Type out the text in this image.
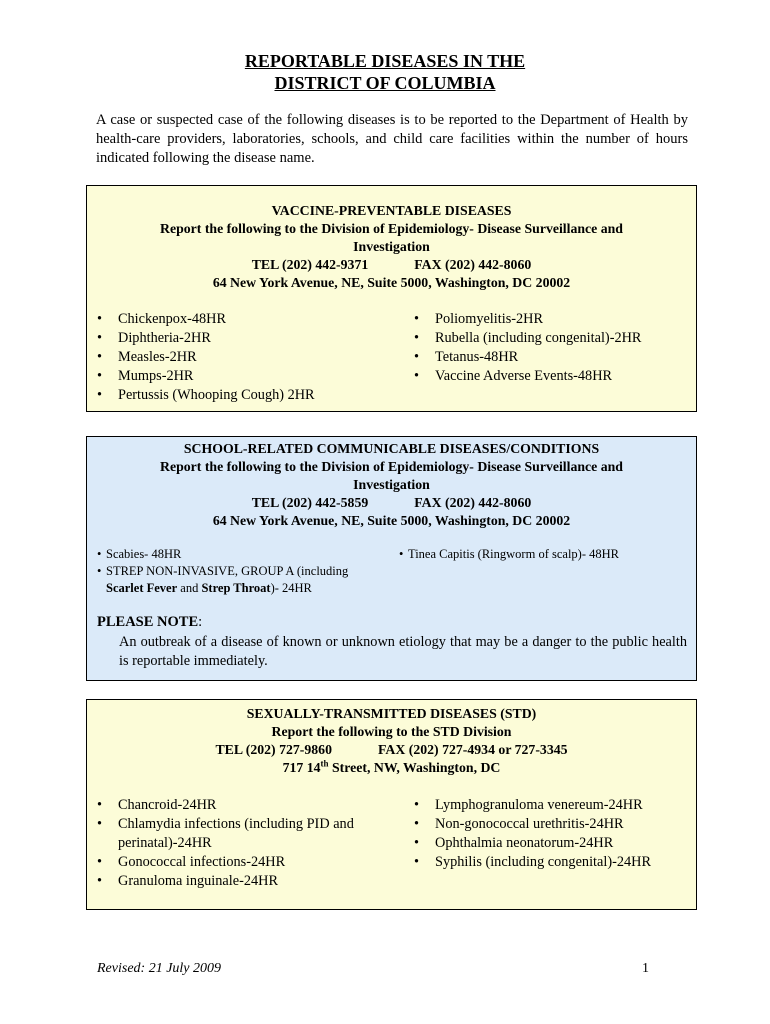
REPORTABLE DISEASES IN THE
DISTRICT OF COLUMBIA
A case or suspected case of the following diseases is to be reported to the Department of Health by health-care providers, laboratories, schools, and child care facilities within the number of hours indicated following the disease name.
VACCINE-PREVENTABLE DISEASES
Report the following to the Division of Epidemiology- Disease Surveillance and
Investigation
TEL (202) 442-9371	FAX (202) 442-8060
64 New York Avenue, NE, Suite 5000, Washington, DC 20002
• Chickenpox-48HR
• Diphtheria-2HR
• Measles-2HR
• Mumps-2HR
• Pertussis (Whooping Cough) 2HR
• Poliomyelitis-2HR
• Rubella (including congenital)-2HR
• Tetanus-48HR
• Vaccine Adverse Events-48HR
SCHOOL-RELATED COMMUNICABLE DISEASES/CONDITIONS
Report the following to the Division of Epidemiology- Disease Surveillance and
Investigation
TEL (202) 442-5859	FAX (202) 442-8060
64 New York Avenue, NE, Suite 5000, Washington, DC 20002
• Scabies- 48HR
• STREP NON-INVASIVE, GROUP A (including
Scarlet Fever and Strep Throat)- 24HR
• Tinea Capitis (Ringworm of scalp)- 48HR
PLEASE NOTE:
An outbreak of a disease of known or unknown etiology that may be a danger to the public health is reportable immediately.
SEXUALLY-TRANSMITTED DISEASES (STD)
Report the following to the STD Division
TEL (202) 727-9860	FAX (202) 727-4934 or 727-3345
717 14th Street, NW, Washington, DC
• Chancroid-24HR
• Chlamydia infections (including PID and perinatal)-24HR
• Gonococcal infections-24HR
• Granuloma inguinale-24HR
• Lymphogranuloma venereum-24HR
• Non-gonococcal urethritis-24HR
• Ophthalmia neonatorum-24HR
• Syphilis (including congenital)-24HR
Revised: 21 July 2009	1
